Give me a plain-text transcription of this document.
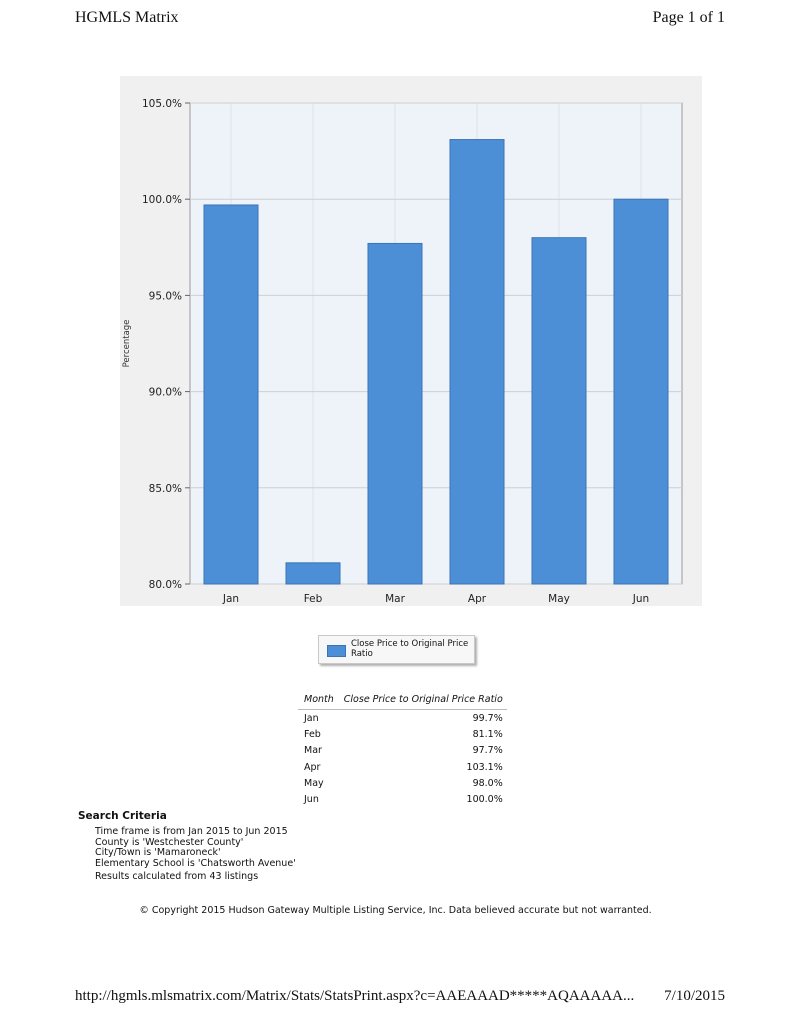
HGMLS Matrix	Page 1 of 1
80.0%
85.0%
90.0%
95.0%
100.0%
105.0%
Jan	Feb	Mar	Apr	May	Jun
Percentage
Close Price to Original Price Ratio
Month	Close Price to Original Price Ratio
Jan	99.7%
Feb	81.1%
Mar	97.7%
Apr	103.1%
May	98.0%
Jun	100.0%
Search Criteria
Time frame is from Jan 2015 to Jun 2015
County is 'Westchester County'
City/Town is 'Mamaroneck'
Elementary School is 'Chatsworth Avenue'
Results calculated from 43 listings
© Copyright 2015 Hudson Gateway Multiple Listing Service, Inc. Data believed accurate but not warranted.
http://hgmls.mlsmatrix.com/Matrix/Stats/StatsPrint.aspx?c=AAEAAAD*****AQAAAAA... 7/10/2015
